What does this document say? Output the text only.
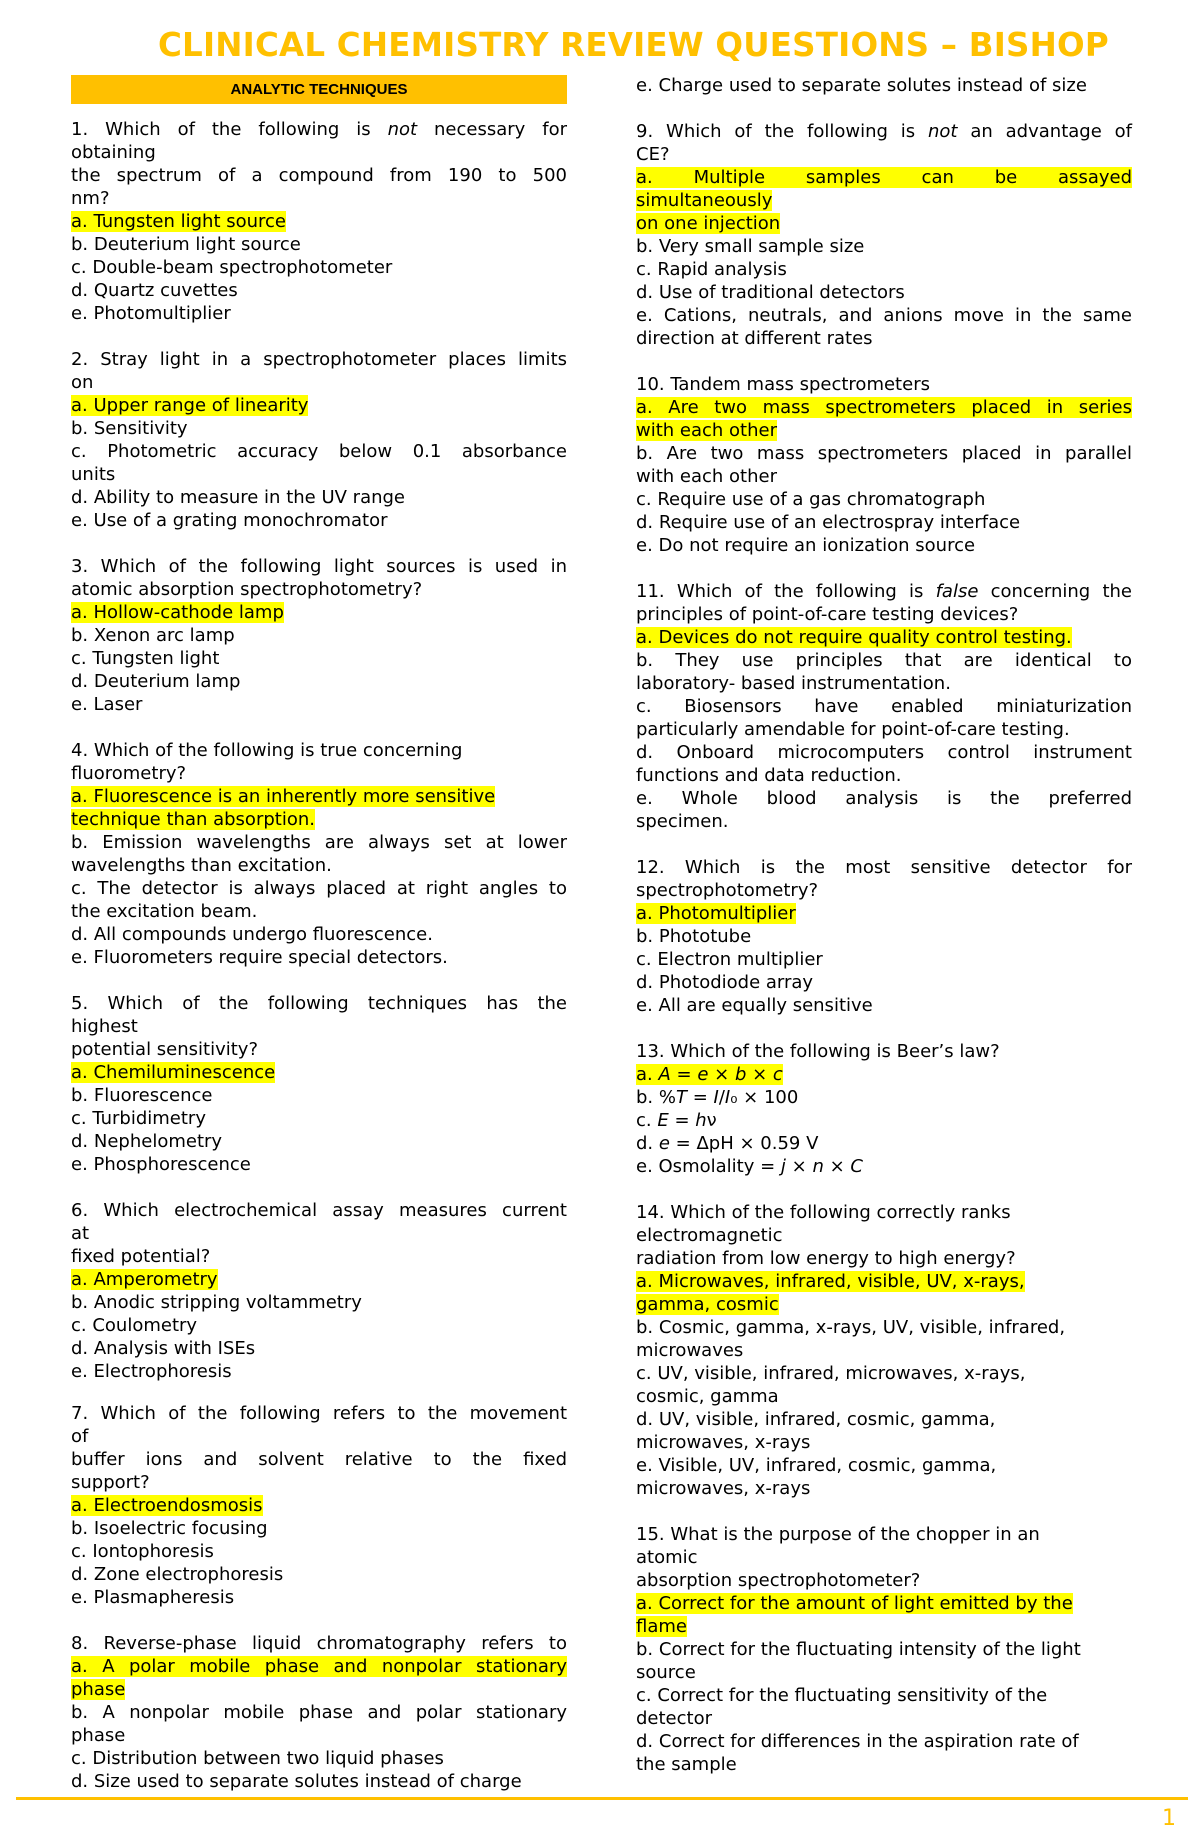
CLINICAL CHEMISTRY REVIEW QUESTIONS – BISHOP
ANALYTIC TECHNIQUES
1. Which of the following is not necessary for
obtaining
the spectrum of a compound from 190 to 500
nm?
a. Tungsten light source
b. Deuterium light source
c. Double-beam spectrophotometer
d. Quartz cuvettes
e. Photomultiplier
2. Stray light in a spectrophotometer places limits
on
a. Upper range of linearity
b. Sensitivity
c. Photometric accuracy below 0.1 absorbance
units
d. Ability to measure in the UV range
e. Use of a grating monochromator
3. Which of the following light sources is used in
atomic absorption spectrophotometry?
a. Hollow-cathode lamp
b. Xenon arc lamp
c. Tungsten light
d. Deuterium lamp
e. Laser
4. Which of the following is true concerning
fluorometry?
a. Fluorescence is an inherently more sensitive
technique than absorption.
b. Emission wavelengths are always set at lower
wavelengths than excitation.
c. The detector is always placed at right angles to
the excitation beam.
d. All compounds undergo fluorescence.
e. Fluorometers require special detectors.
5. Which of the following techniques has the
highest
potential sensitivity?
a. Chemiluminescence
b. Fluorescence
c. Turbidimetry
d. Nephelometry
e. Phosphorescence
6. Which electrochemical assay measures current
at
fixed potential?
a. Amperometry
b. Anodic stripping voltammetry
c. Coulometry
d. Analysis with ISEs
e. Electrophoresis
7. Which of the following refers to the movement
of
buffer ions and solvent relative to the fixed
support?
a. Electroendosmosis
b. Isoelectric focusing
c. Iontophoresis
d. Zone electrophoresis
e. Plasmapheresis
8. Reverse-phase liquid chromatography refers to
a. A polar mobile phase and nonpolar stationary
phase
b. A nonpolar mobile phase and polar stationary
phase
c. Distribution between two liquid phases
d. Size used to separate solutes instead of charge
e. Charge used to separate solutes instead of size
9. Which of the following is not an advantage of
CE?
a. Multiple samples can be assayed
simultaneously
on one injection
b. Very small sample size
c. Rapid analysis
d. Use of traditional detectors
e. Cations, neutrals, and anions move in the same
direction at different rates
10. Tandem mass spectrometers
a. Are two mass spectrometers placed in series
with each other
b. Are two mass spectrometers placed in parallel
with each other
c. Require use of a gas chromatograph
d. Require use of an electrospray interface
e. Do not require an ionization source
11. Which of the following is false concerning the
principles of point-of-care testing devices?
a. Devices do not require quality control testing.
b. They use principles that are identical to
laboratory- based instrumentation.
c. Biosensors have enabled miniaturization
particularly amendable for point-of-care testing.
d. Onboard microcomputers control instrument
functions and data reduction.
e. Whole blood analysis is the preferred
specimen.
12. Which is the most sensitive detector for
spectrophotometry?
a. Photomultiplier
b. Phototube
c. Electron multiplier
d. Photodiode array
e. All are equally sensitive
13. Which of the following is Beer’s law?
a. A = e × b × c
b. %T = I/I₀ × 100
c. E = hν
d. e = ΔpH × 0.59 V
e. Osmolality = j × n × C
14. Which of the following correctly ranks
electromagnetic
radiation from low energy to high energy?
a. Microwaves, infrared, visible, UV, x-rays,
gamma, cosmic
b. Cosmic, gamma, x-rays, UV, visible, infrared,
microwaves
c. UV, visible, infrared, microwaves, x-rays,
cosmic, gamma
d. UV, visible, infrared, cosmic, gamma,
microwaves, x-rays
e. Visible, UV, infrared, cosmic, gamma,
microwaves, x-rays
15. What is the purpose of the chopper in an
atomic
absorption spectrophotometer?
a. Correct for the amount of light emitted by the
flame
b. Correct for the fluctuating intensity of the light
source
c. Correct for the fluctuating sensitivity of the
detector
d. Correct for differences in the aspiration rate of
the sample
1
